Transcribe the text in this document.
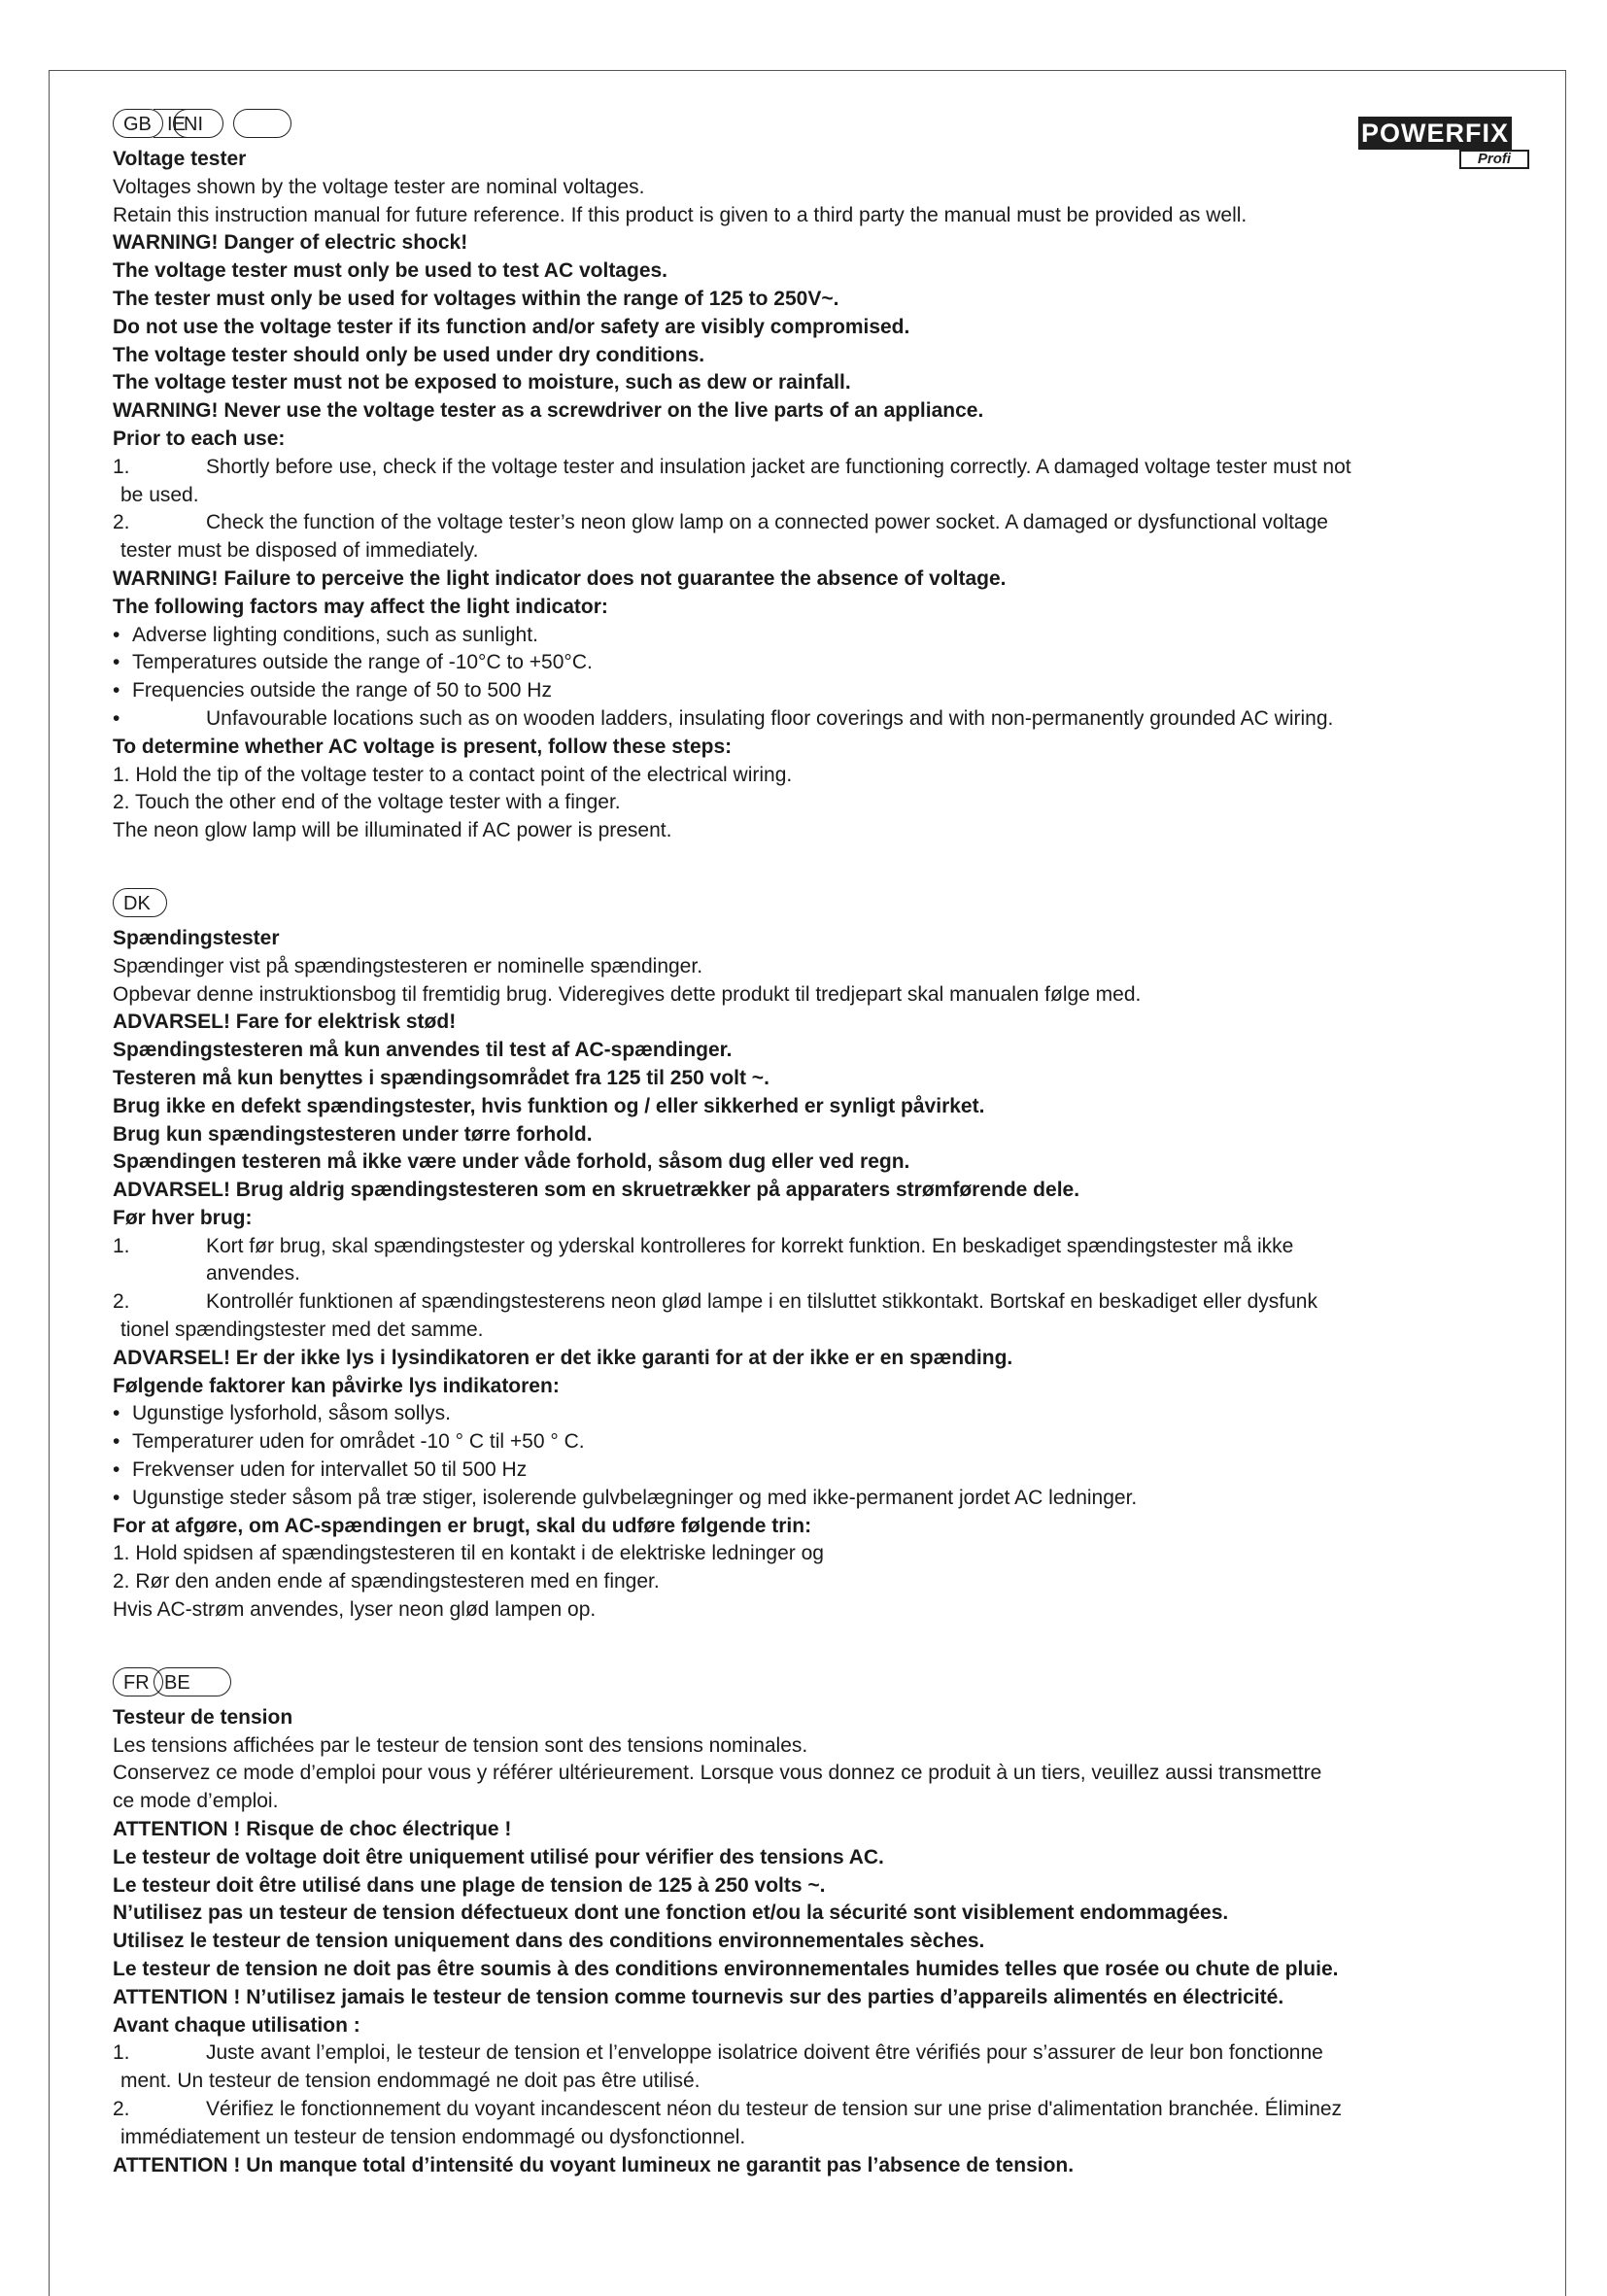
POWERFIX
Profi
GB IE
NI
Voltage tester
Voltages shown by the voltage tester are nominal voltages.
Retain this instruction manual for future reference. If this product is given to a third party the manual must be provided as well.
WARNING! Danger of electric shock!
The voltage tester must only be used to test AC voltages.
The tester must only be used for voltages within the range of 125 to 250V~.
Do not use the voltage tester if its function and/or safety are visibly compromised.
The voltage tester should only be used under dry conditions.
The voltage tester must not be exposed to moisture, such as dew or rainfall.
WARNING! Never use the voltage tester as a screwdriver on the live parts of an appliance.
Prior to each use:
1.	Shortly before use, check if the voltage tester and insulation jacket are functioning correctly. A damaged voltage tester must not
be used.
2.	Check the function of the voltage tester’s neon glow lamp on a connected power socket. A damaged or dysfunctional voltage
tester must be disposed of immediately.
WARNING! Failure to perceive the light indicator does not guarantee the absence of voltage.
The following factors may affect the light indicator:
• Adverse lighting conditions, such as sunlight.
• Temperatures outside the range of -10°C to +50°C.
• Frequencies outside the range of 50 to 500 Hz
•	Unfavourable locations such as on wooden ladders, insulating floor coverings and with non-permanently grounded AC wiring.
To determine whether AC voltage is present, follow these steps:
1. Hold the tip of the voltage tester to a contact point of the electrical wiring.
2. Touch the other end of the voltage tester with a finger.
The neon glow lamp will be illuminated if AC power is present.
DK
Spændingstester
Spændinger vist på spændingstesteren er nominelle spændinger.
Opbevar denne instruktionsbog til fremtidig brug. Videregives dette produkt til tredjepart skal manualen følge med.
ADVARSEL! Fare for elektrisk stød!
Spændingstesteren må kun anvendes til test af AC-spændinger.
Testeren må kun benyttes i spændingsområdet fra 125 til 250 volt ~.
Brug ikke en defekt spændingstester, hvis funktion og / eller sikkerhed er synligt påvirket.
Brug kun spændingstesteren under tørre forhold.
Spændingen testeren må ikke være under våde forhold, såsom dug eller ved regn.
ADVARSEL! Brug aldrig spændingstesteren som en skruetrækker på apparaters strømførende dele.
Før hver brug:
1.	Kort før brug, skal spændingstester og yderskal kontrolleres for korrekt funktion. En beskadiget spændingstester må ikke
anvendes.
2.	Kontrollér funktionen af spændingstesterens neon glød lampe i en tilsluttet stikkontakt. Bortskaf en beskadiget eller dysfunk
tionel spændingstester med det samme.
ADVARSEL! Er der ikke lys i lysindikatoren er det ikke garanti for at der ikke er en spænding.
Følgende faktorer kan påvirke lys indikatoren:
• Ugunstige lysforhold, såsom sollys.
• Temperaturer uden for området -10 ° C til +50 ° C.
• Frekvenser uden for intervallet 50 til 500 Hz
• Ugunstige steder såsom på træ stiger, isolerende gulvbelægninger og med ikke-permanent jordet AC ledninger.
For at afgøre, om AC-spændingen er brugt, skal du udføre følgende trin:
1. Hold spidsen af spændingstesteren til en kontakt i de elektriske ledninger og
2. Rør den anden ende af spændingstesteren med en finger.
Hvis AC-strøm anvendes, lyser neon glød lampen op.
FR BE
Testeur de tension
Les tensions affichées par le testeur de tension sont des tensions nominales.
Conservez ce mode d’emploi pour vous y référer ultérieurement. Lorsque vous donnez ce produit à un tiers, veuillez aussi transmettre
ce mode d’emploi.
ATTENTION ! Risque de choc électrique !
Le testeur de voltage doit être uniquement utilisé pour vérifier des tensions AC.
Le testeur doit être utilisé dans une plage de tension de 125 à 250 volts ~.
N’utilisez pas un testeur de tension défectueux dont une fonction et/ou la sécurité sont visiblement endommagées.
Utilisez le testeur de tension uniquement dans des conditions environnementales sèches.
Le testeur de tension ne doit pas être soumis à des conditions environnementales humides telles que rosée ou chute de pluie.
ATTENTION ! N’utilisez jamais le testeur de tension comme tournevis sur des parties d’appareils alimentés en électricité.
Avant chaque utilisation :
1.	Juste avant l’emploi, le testeur de tension et l’enveloppe isolatrice doivent être vérifiés pour s’assurer de leur bon fonctionne
ment. Un testeur de tension endommagé ne doit pas être utilisé.
2.	Vérifiez le fonctionnement du voyant incandescent néon du testeur de tension sur une prise d'alimentation branchée. Éliminez
immédiatement un testeur de tension endommagé ou dysfonctionnel.
ATTENTION ! Un manque total d’intensité du voyant lumineux ne garantit pas l’absence de tension.
